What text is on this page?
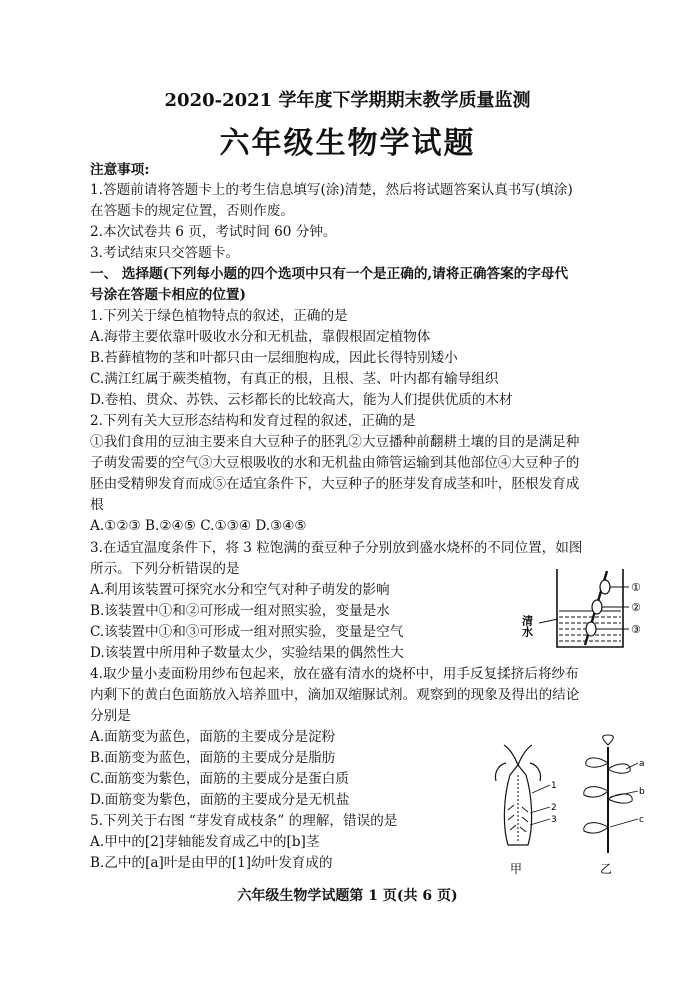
2020-2021 学年度下学期期末教学质量监测
六年级生物学试题
注意事项:
1.答题前请将答题卡上的考生信息填写(涂)清楚，然后将试题答案认真书写(填涂)
在答题卡的规定位置，否则作废。
2.本次试卷共 6 页，考试时间 60 分钟。
3.考试结束只交答题卡。
一、 选择题(下列每小题的四个选项中只有一个是正确的,请将正确答案的字母代
号涂在答题卡相应的位置)
1.下列关于绿色植物特点的叙述，正确的是
A.海带主要依靠叶吸收水分和无机盐，靠假根固定植物体
B.苔藓植物的茎和叶都只由一层细胞构成，因此长得特别矮小
C.满江红属于蕨类植物，有真正的根，且根、茎、叶内都有输导组织
D.卷柏、贯众、苏铁、云杉都长的比较高大，能为人们提供优质的木材
2.下列有关大豆形态结构和发育过程的叙述，正确的是
①我们食用的豆油主要来自大豆种子的胚乳②大豆播种前翻耕土壤的目的是满足种
子萌发需要的空气③大豆根吸收的水和无机盐由筛管运输到其他部位④大豆种子的
胚由受精卵发育而成⑤在适宜条件下，大豆种子的胚芽发育成茎和叶，胚根发育成
根
A.①②③ B.②④⑤ C.①③④ D.③④⑤
3.在适宜温度条件下，将 3 粒饱满的蚕豆种子分别放到盛水烧杯的不同位置，如图
所示。下列分析错误的是
A.利用该装置可探究水分和空气对种子萌发的影响
B.该装置中①和②可形成一组对照实验，变量是水
C.该装置中①和③可形成一组对照实验，变量是空气
D.该装置中所用种子数量太少，实验结果的偶然性大
①
②
③
清水
4.取少量小麦面粉用纱布包起来，放在盛有清水的烧杯中，用手反复揉挤后将纱布
内剩下的黄白色面筋放入培养皿中，滴加双缩脲试剂。观察到的现象及得出的结论
分别是
A.面筋变为蓝色，面筋的主要成分是淀粉
B.面筋变为蓝色，面筋的主要成分是脂肪
C.面筋变为紫色，面筋的主要成分是蛋白质
D.面筋变为紫色，面筋的主要成分是无机盐
5.下列关于右图 “芽发育成枝条” 的理解，错误的是
A.甲中的[2]芽轴能发育成乙中的[b]茎
B.乙中的[a]叶是由甲的[1]幼叶发育成的
1
2
3
甲
a
b
c
乙
六年级生物学试题第 1 页(共 6 页)
